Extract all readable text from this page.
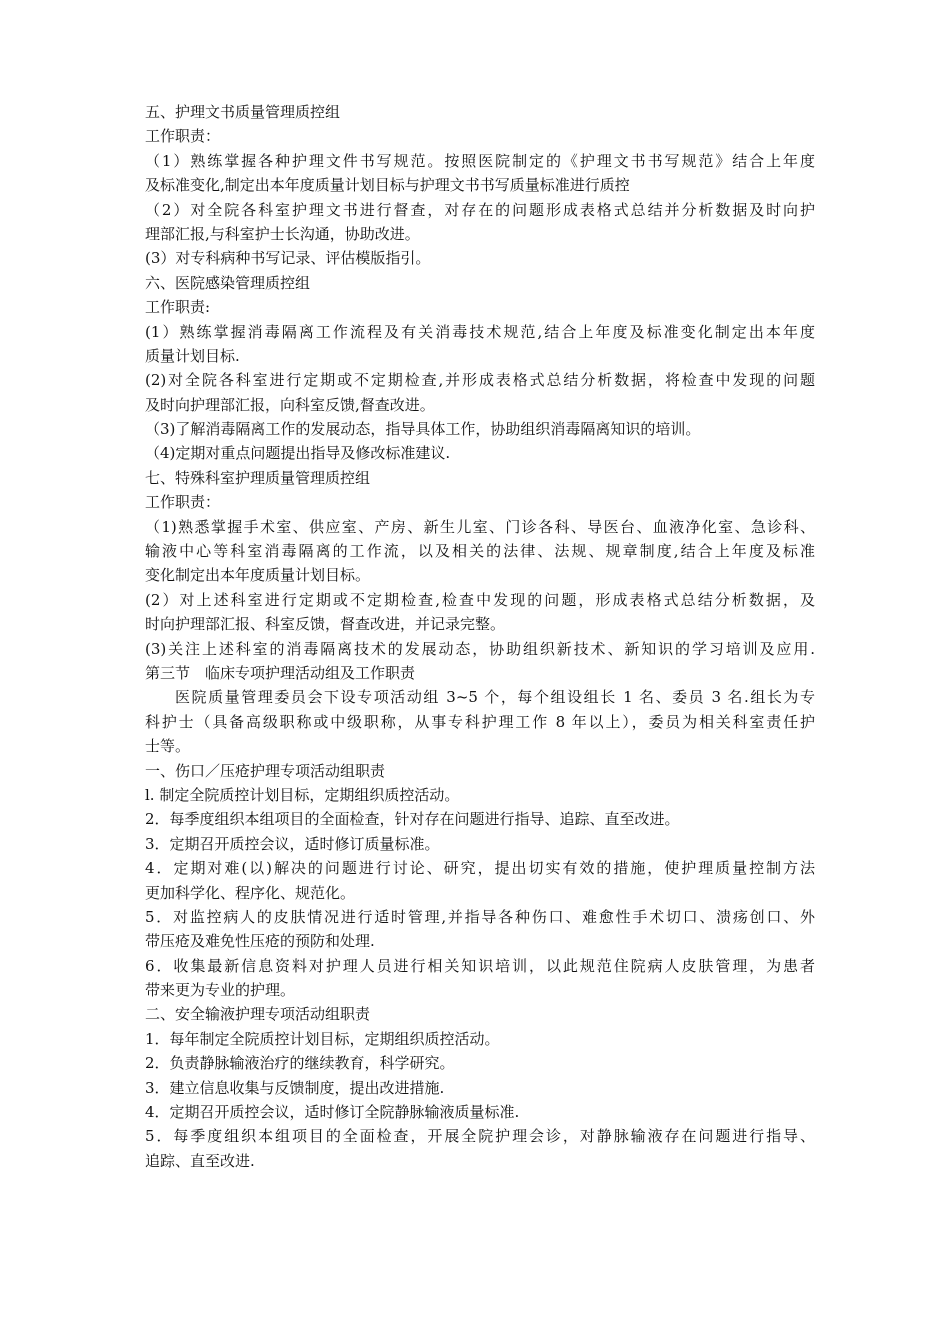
五、护理文书质量管理质控组
工作职责：
（1）熟练掌握各种护理文件书写规范。按照医院制定的《护理文书书写规范》结合上年度
及标准变化,制定出本年度质量计划目标与护理文书书写质量标准进行质控
（2）对全院各科室护理文书进行督查，对存在的问题形成表格式总结并分析数据及时向护
理部汇报,与科室护士长沟通，协助改进。
(3）对专科病种书写记录、评估模版指引。
六、医院感染管理质控组
工作职责:
(1）熟练掌握消毒隔离工作流程及有关消毒技术规范,结合上年度及标准变化制定出本年度
质量计划目标.
(2)对全院各科室进行定期或不定期检查,并形成表格式总结分析数据，将检查中发现的问题
及时向护理部汇报，向科室反馈,督查改进。
（3)了解消毒隔离工作的发展动态，指导具体工作，协助组织消毒隔离知识的培训。
（4)定期对重点问题提出指导及修改标准建议.
七、特殊科室护理质量管理质控组
工作职责：
（1)熟悉掌握手术室、供应室、产房、新生儿室、门诊各科、导医台、血液净化室、急诊科、
输液中心等科室消毒隔离的工作流，以及相关的法律、法规、规章制度,结合上年度及标准
变化制定出本年度质量计划目标。
(2）对上述科室进行定期或不定期检查,检查中发现的问题，形成表格式总结分析数据，及
时向护理部汇报、科室反馈，督查改进，并记录完整。
(3)关注上述科室的消毒隔离技术的发展动态，协助组织新技术、新知识的学习培训及应用.
第三节　临床专项护理活动组及工作职责
医院质量管理委员会下设专项活动组 3~5 个，每个组设组长 1 名、委员 3 名.组长为专
科护士（具备高级职称或中级职称，从事专科护理工作 8 年以上），委员为相关科室责任护
士等。
一、伤口／压疮护理专项活动组职责
l. 制定全院质控计划目标，定期组织质控活动。
2．每季度组织本组项目的全面检查，针对存在问题进行指导、追踪、直至改进。
3．定期召开质控会议，适时修订质量标准。
4．定期对难(以)解决的问题进行讨论、研究，提出切实有效的措施，使护理质量控制方法
更加科学化、程序化、规范化。
5．对监控病人的皮肤情况进行适时管理,并指导各种伤口、难愈性手术切口、溃疡创口、外
带压疮及难免性压疮的预防和处理.
6．收集最新信息资料对护理人员进行相关知识培训，以此规范住院病人皮肤管理，为患者
带来更为专业的护理。
二、安全输液护理专项活动组职责
1．每年制定全院质控计划目标，定期组织质控活动。
2．负责静脉输液治疗的继续教育，科学研究。
3．建立信息收集与反馈制度，提出改进措施.
4．定期召开质控会议，适时修订全院静脉输液质量标准.
5．每季度组织本组项目的全面检查，开展全院护理会诊，对静脉输液存在问题进行指导、
追踪、直至改进.
